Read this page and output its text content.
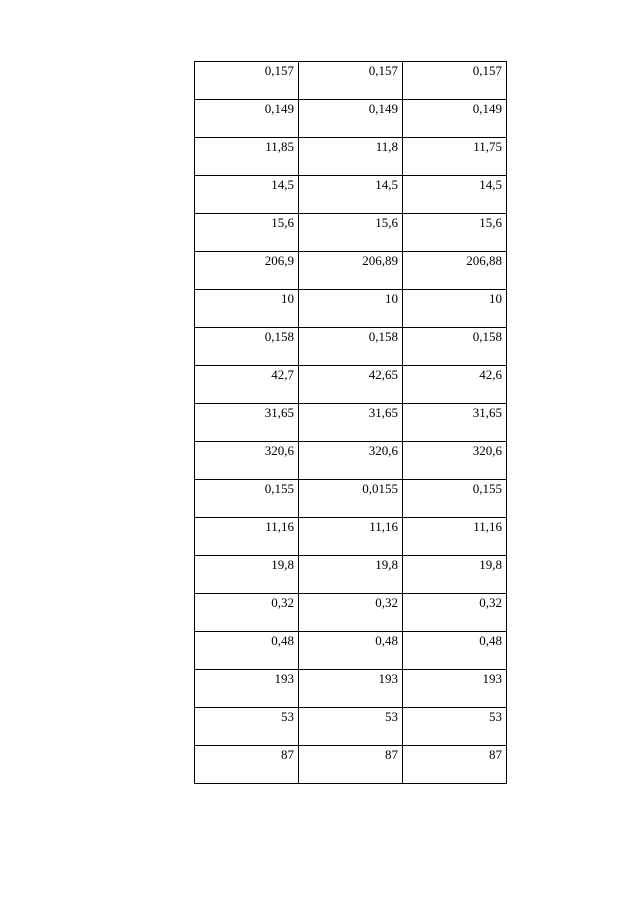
0,157	0,157	0,157

0,149	0,149	0,149

11,85	11,8	11,75

14,5	14,5	14,5

15,6	15,6	15,6

206,9	206,89	206,88

10	10	10

0,158	0,158	0,158

42,7	42,65	42,6

31,65	31,65	31,65

320,6	320,6	320,6

0,155	0,0155	0,155

11,16	11,16	11,16

19,8	19,8	19,8

0,32	0,32	0,32

0,48	0,48	0,48

193	193	193

53	53	53

87	87	87
